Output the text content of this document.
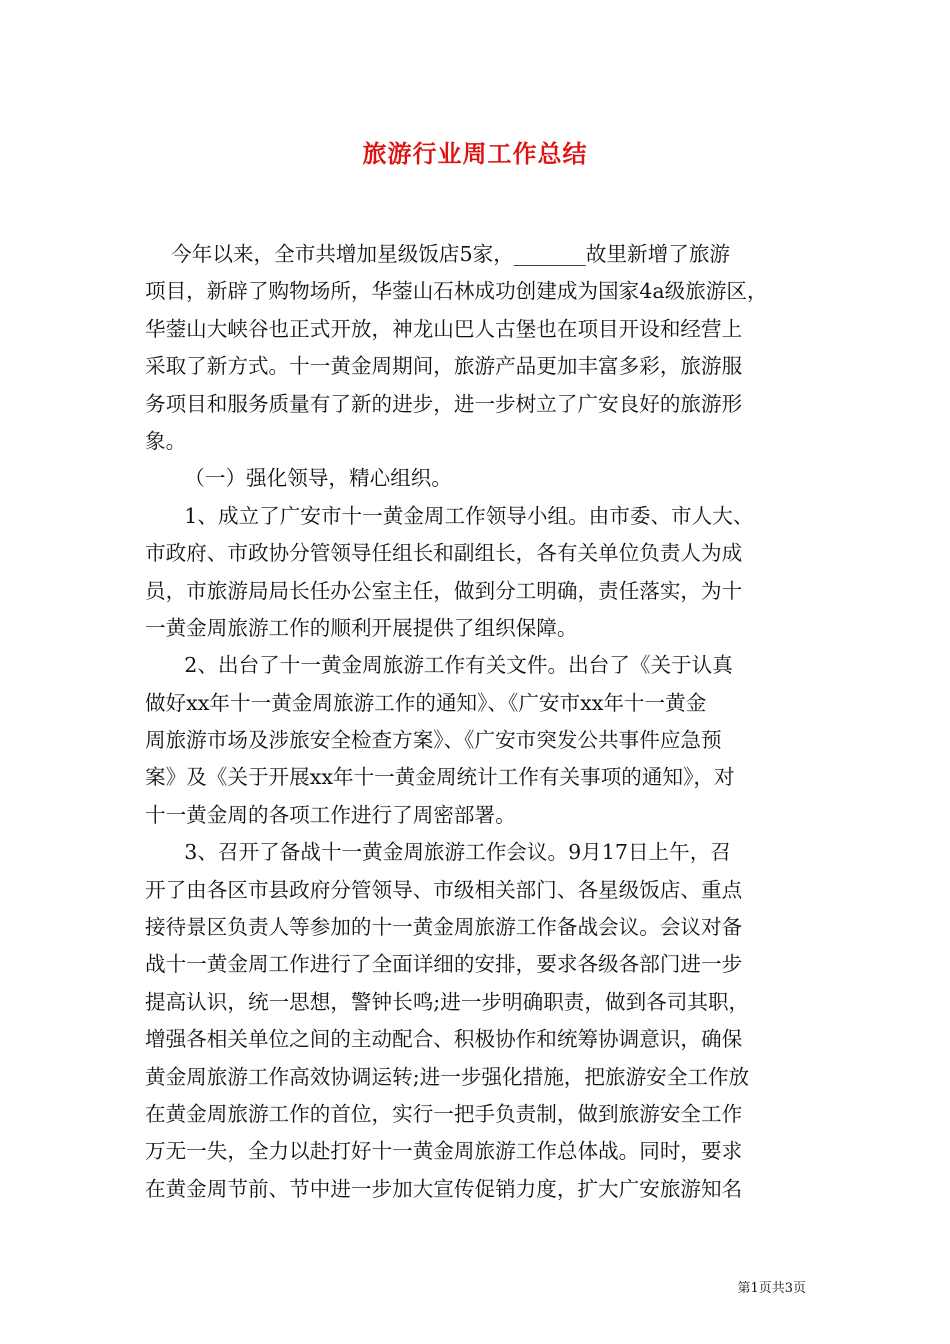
旅游行业周工作总结
今年以来，全市共增加星级饭店5家，_______故里新增了旅游
项目，新辟了购物场所，华蓥山石林成功创建成为国家4a级旅游区，
华蓥山大峡谷也正式开放，神龙山巴人古堡也在项目开设和经营上
采取了新方式。十一黄金周期间，旅游产品更加丰富多彩，旅游服
务项目和服务质量有了新的进步，进一步树立了广安良好的旅游形
象。
（一）强化领导，精心组织。
1、成立了广安市十一黄金周工作领导小组。由市委、市人大、
市政府、市政协分管领导任组长和副组长，各有关单位负责人为成
员，市旅游局局长任办公室主任，做到分工明确，责任落实，为十
一黄金周旅游工作的顺利开展提供了组织保障。
2、出台了十一黄金周旅游工作有关文件。出台了《关于认真
做好xx年十一黄金周旅游工作的通知》、《广安市xx年十一黄金
周旅游市场及涉旅安全检查方案》、《广安市突发公共事件应急预
案》及《关于开展xx年十一黄金周统计工作有关事项的通知》，对
十一黄金周的各项工作进行了周密部署。
3、召开了备战十一黄金周旅游工作会议。9月17日上午，召
开了由各区市县政府分管领导、市级相关部门、各星级饭店、重点
接待景区负责人等参加的十一黄金周旅游工作备战会议。会议对备
战十一黄金周工作进行了全面详细的安排，要求各级各部门进一步
提高认识，统一思想，警钟长鸣;进一步明确职责，做到各司其职，
增强各相关单位之间的主动配合、积极协作和统筹协调意识，确保
黄金周旅游工作高效协调运转;进一步强化措施，把旅游安全工作放
在黄金周旅游工作的首位，实行一把手负责制，做到旅游安全工作
万无一失，全力以赴打好十一黄金周旅游工作总体战。同时，要求
在黄金周节前、节中进一步加大宣传促销力度，扩大广安旅游知名
第1页共3页
